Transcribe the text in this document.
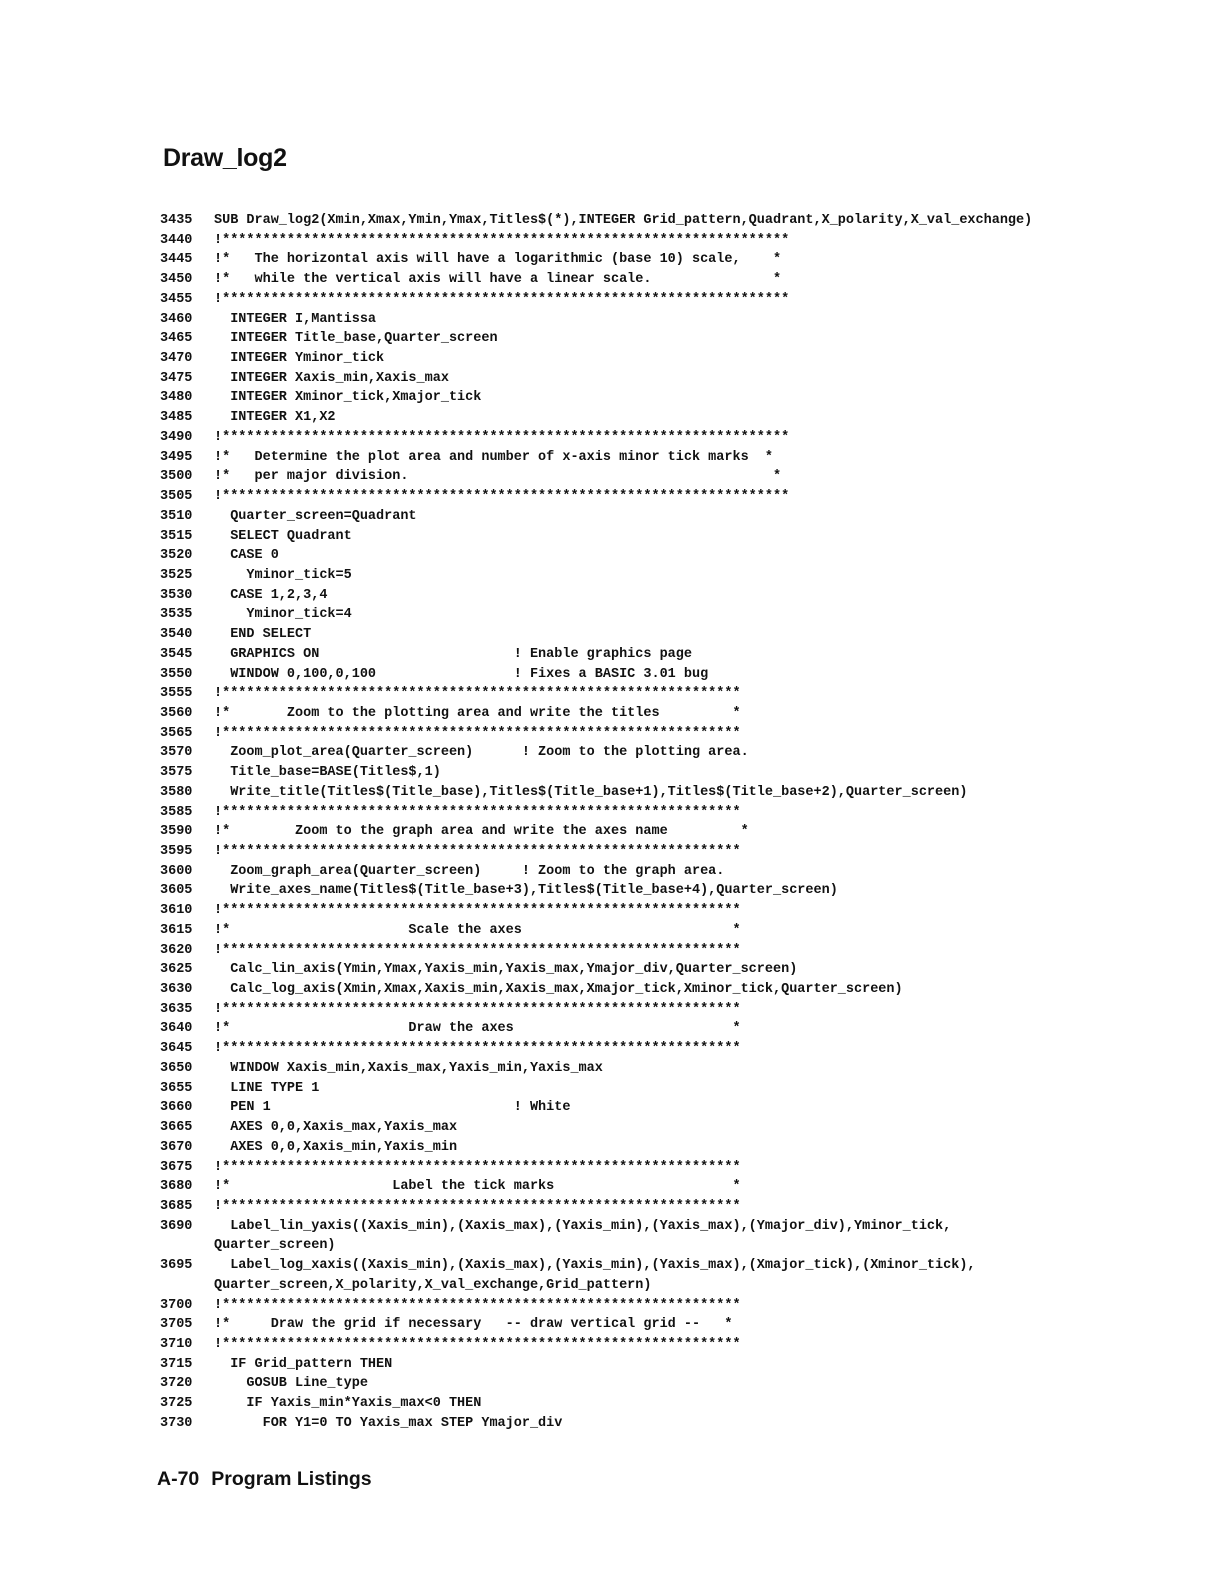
Draw_log2
3435 SUB Draw_log2(Xmin,Xmax,Ymin,Ymax,Titles$(*),INTEGER Grid_pattern,Quadrant,X_polarity,X_val_exchange)
3440 !**********************************************************************
3445 !*   The horizontal axis will have a logarithmic (base 10) scale,    *
3450 !*   while the vertical axis will have a linear scale.               *
3455 !**********************************************************************
3460  INTEGER I,Mantissa
3465  INTEGER Title_base,Quarter_screen
3470  INTEGER Yminor_tick
3475  INTEGER Xaxis_min,Xaxis_max
3480  INTEGER Xminor_tick,Xmajor_tick
3485  INTEGER X1,X2
3490 !**********************************************************************
3495 !*   Determine the plot area and number of x-axis minor tick marks  *
3500 !*   per major division.                                             *
3505 !**********************************************************************
3510  Quarter_screen=Quadrant
3515  SELECT Quadrant
3520  CASE 0
3525    Yminor_tick=5
3530  CASE 1,2,3,4
3535    Yminor_tick=4
3540  END SELECT
3545  GRAPHICS ON                        ! Enable graphics page
3550  WINDOW 0,100,0,100                 ! Fixes a BASIC 3.01 bug
3555 !****************************************************************
3560 !*       Zoom to the plotting area and write the titles         *
3565 !****************************************************************
3570  Zoom_plot_area(Quarter_screen)      ! Zoom to the plotting area.
3575  Title_base=BASE(Titles$,1)
3580  Write_title(Titles$(Title_base),Titles$(Title_base+1),Titles$(Title_base+2),Quarter_screen)
3585 !****************************************************************
3590 !*        Zoom to the graph area and write the axes name         *
3595 !****************************************************************
3600  Zoom_graph_area(Quarter_screen)     ! Zoom to the graph area.
3605  Write_axes_name(Titles$(Title_base+3),Titles$(Title_base+4),Quarter_screen)
3610 !****************************************************************
3615 !*                      Scale the axes                          *
3620 !****************************************************************
3625  Calc_lin_axis(Ymin,Ymax,Yaxis_min,Yaxis_max,Ymajor_div,Quarter_screen)
3630  Calc_log_axis(Xmin,Xmax,Xaxis_min,Xaxis_max,Xmajor_tick,Xminor_tick,Quarter_screen)
3635 !****************************************************************
3640 !*                      Draw the axes                           *
3645 !****************************************************************
3650  WINDOW Xaxis_min,Xaxis_max,Yaxis_min,Yaxis_max
3655  LINE TYPE 1
3660  PEN 1                              ! White
3665  AXES 0,0,Xaxis_max,Yaxis_max
3670  AXES 0,0,Xaxis_min,Yaxis_min
3675 !****************************************************************
3680 !*                    Label the tick marks                      *
3685 !****************************************************************
3690  Label_lin_yaxis((Xaxis_min),(Xaxis_max),(Yaxis_min),(Yaxis_max),(Ymajor_div),Yminor_tick,
Quarter_screen)
3695  Label_log_xaxis((Xaxis_min),(Xaxis_max),(Yaxis_min),(Yaxis_max),(Xmajor_tick),(Xminor_tick),
Quarter_screen,X_polarity,X_val_exchange,Grid_pattern)
3700 !****************************************************************
3705 !*     Draw the grid if necessary   -- draw vertical grid --   *
3710 !****************************************************************
3715  IF Grid_pattern THEN
3720    GOSUB Line_type
3725    IF Yaxis_min*Yaxis_max<0 THEN
3730      FOR Y1=0 TO Yaxis_max STEP Ymajor_div
A-70 Program Listings
